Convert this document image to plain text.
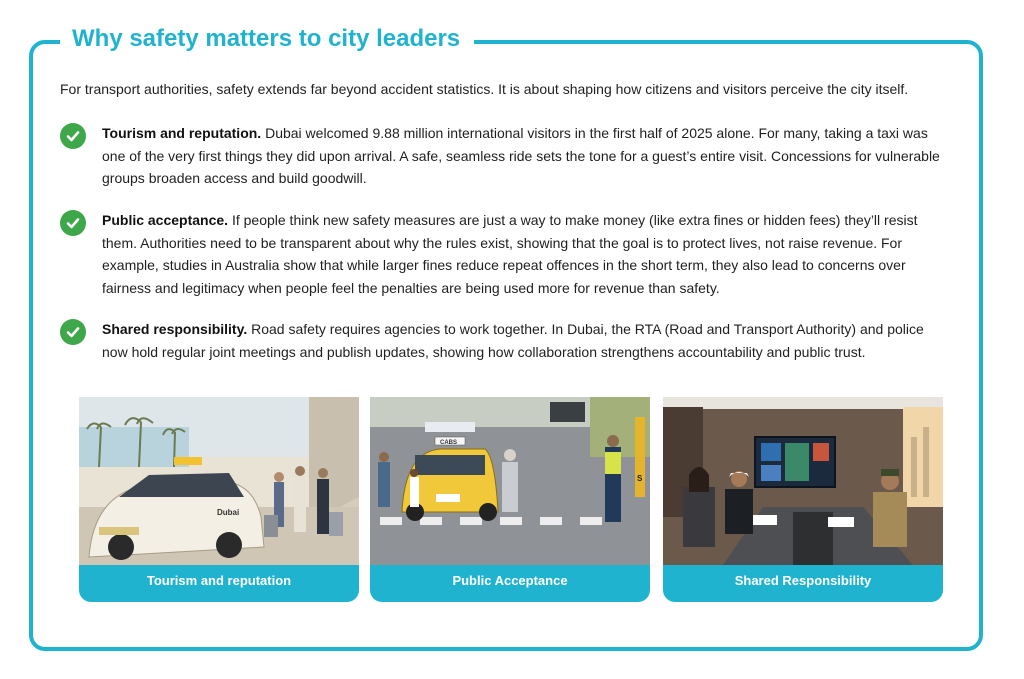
Why safety matters to city leaders

For transport authorities, safety extends far beyond accident statistics. It is about shaping how citizens and visitors perceive the city itself.

Tourism and reputation. Dubai welcomed 9.88 million international visitors in the first half of 2025 alone. For many, taking a taxi was one of the very first things they did upon arrival. A safe, seamless ride sets the tone for a guest’s entire visit. Concessions for vulnerable groups broaden access and build goodwill.

Public acceptance. If people think new safety measures are just a way to make money (like extra fines or hidden fees) they’ll resist them. Authorities need to be transparent about why the rules exist, showing that the goal is to protect lives, not raise revenue. For example, studies in Australia show that while larger fines reduce repeat offences in the short term, they also lead to concerns over fairness and legitimacy when people feel the penalties are being used more for revenue than safety.

Shared responsibility. Road safety requires agencies to work together. In Dubai, the RTA (Road and Transport Authority) and police now hold regular joint meetings and publish updates, showing how collaboration strengthens accountability and public trust.

Dubai
Tourism and reputation
CABS
S
Public Acceptance	Shared Responsibility
